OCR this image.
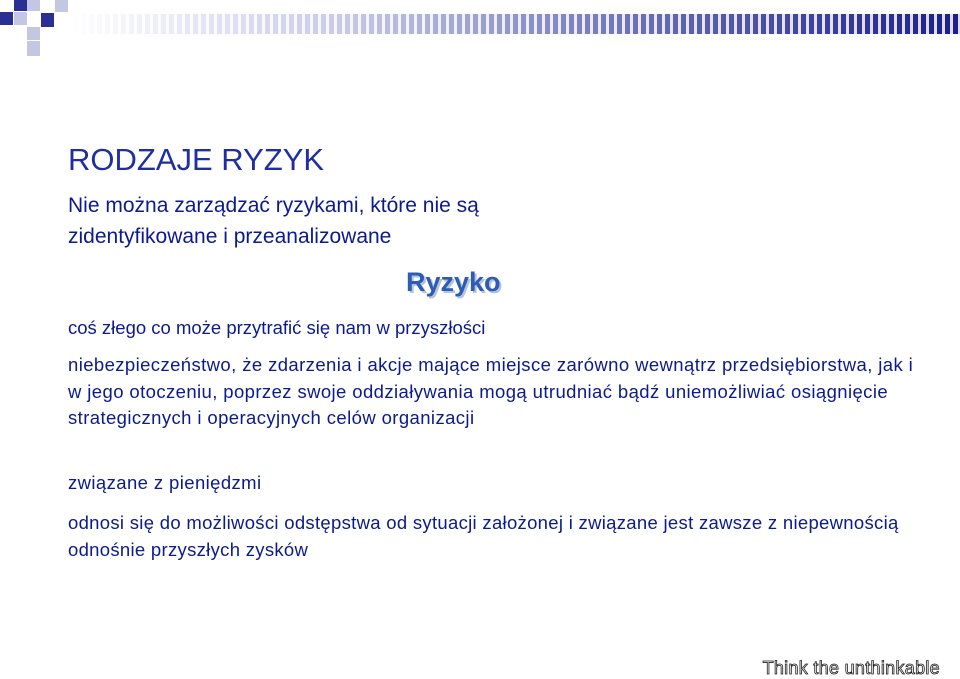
RODZAJE RYZYK

Nie można zarządzać ryzykami, które nie są zidentyfikowane i przeanalizowane

Ryzyko

coś złego co może przytrafić się nam w przyszłości

niebezpieczeństwo, że zdarzenia i akcje mające miejsce zarówno wewnątrz przedsiębiorstwa, jak i w jego otoczeniu, poprzez swoje oddziaływania mogą utrudniać bądź uniemożliwiać osiągnięcie strategicznych i operacyjnych celów organizacji

związane z pieniędzmi

odnosi się do możliwości odstępstwa od sytuacji założonej i związane jest zawsze z niepewnością odnośnie przyszłych zysków

Think the unthinkable
